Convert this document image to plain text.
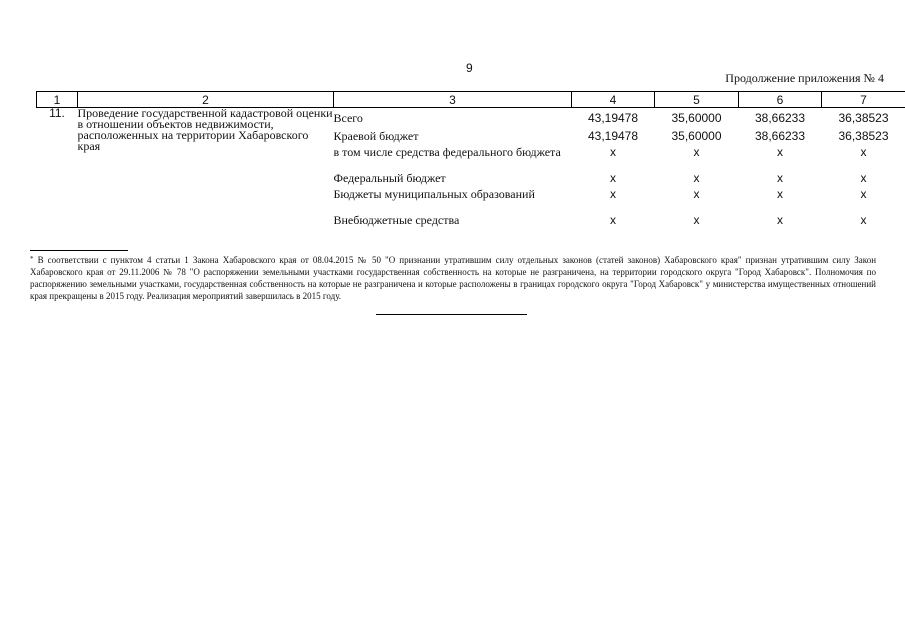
9
Продолжение приложения № 4
1	2	3	4	5	6	7
11.	Проведение государственной кадастровой оценки в отношении объектов недвижимости, расположенных на территории Хабаровского края	Всего	43,19478	35,60000	38,66233	36,38523
		Краевой бюджет	43,19478	35,60000	38,66233	36,38523
		в том числе средства федерального бюджета	x	x	x	x
		Федеральный бюджет	x	x	x	x
		Бюджеты муниципальных образований	x	x	x	x
		Внебюджетные средства	x	x	x	x
* В соответствии с пунктом 4 статьи 1 Закона Хабаровского края от 08.04.2015 № 50 "О признании утратившим силу отдельных законов (статей законов) Хабаровского края" признан утратившим силу Закон Хабаровского края от 29.11.2006 № 78 "О распоряжении земельными участками государственная собственность на которые не разграничена, на территории городского округа "Город Хабаровск". Полномочия по распоряжению земельными участками, государственная собственность на которые не разграничена и которые расположены в границах городского округа "Город Хабаровск" у министерства имущественных отношений края прекращены в 2015 году. Реализация мероприятий завершилась в 2015 году.
